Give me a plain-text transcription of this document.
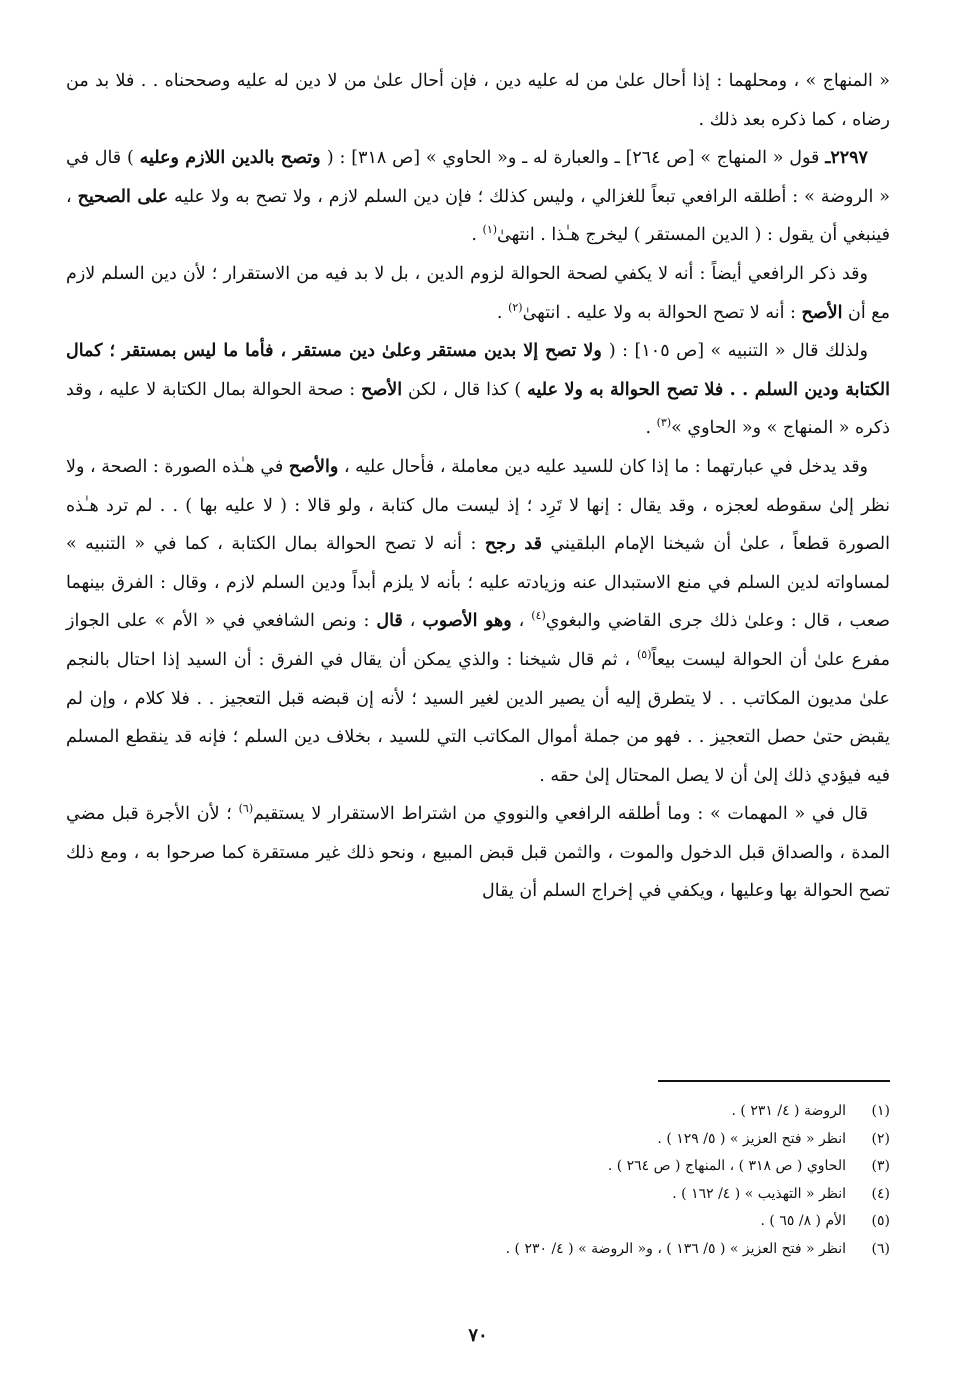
« المنهاج » ، ومحلهما : إذا أحال علىٰ من له عليه دين ، فإن أحال علىٰ من لا دين له عليه وصححناه . . فلا بد من رضاه ، كما ذكره بعد ذلك .

٢٢٩٧ـ قول « المنهاج » [ص ٢٦٤] ـ والعبارة له ـ و« الحاوي » [ص ٣١٨] : ( وتصح بالدين اللازم وعليه ) قال في « الروضة » : أطلقه الرافعي تبعاً للغزالي ، وليس كذلك ؛ فإن دين السلم لازم ، ولا تصح به ولا عليه على الصحيح ، فينبغي أن يقول : ( الدين المستقر ) ليخرج هـٰذا . انتهىٰ$^{(١)}$ .

وقد ذكر الرافعي أيضاً : أنه لا يكفي لصحة الحوالة لزوم الدين ، بل لا بد فيه من الاستقرار ؛ لأن دين السلم لازم مع أن الأصح : أنه لا تصح الحوالة به ولا عليه . انتهىٰ$^{(٢)}$ .

ولذلك قال « التنبيه » [ص ١٠٥] : ( ولا تصح إلا بدين مستقر وعلىٰ دين مستقر ، فأما ما ليس بمستقر ؛ كمال الكتابة ودين السلم . . فلا تصح الحوالة به ولا عليه ) كذا قال ، لكن الأصح : صحة الحوالة بمال الكتابة لا عليه ، وقد ذكره « المنهاج » و« الحاوي »$^{(٣)}$ .

وقد يدخل في عبارتهما : ما إذا كان للسيد عليه دين معاملة ، فأحال عليه ، والأصح في هـٰذه الصورة : الصحة ، ولا نظر إلىٰ سقوطه لعجزه ، وقد يقال : إنها لا تَرِد ؛ إذ ليست مال كتابة ، ولو قالا : ( لا عليه بها ) . . لم ترد هـٰذه الصورة قطعاً ، علىٰ أن شيخنا الإمام البلقيني قد رجح : أنه لا تصح الحوالة بمال الكتابة ، كما في « التنبيه » لمساواته لدين السلم في منع الاستبدال عنه وزيادته عليه ؛ بأنه لا يلزم أبداً ودين السلم لازم ، وقال : الفرق بينهما صعب ، قال : وعلىٰ ذلك جرى القاضي والبغوي$^{(٤)}$ ، وهو الأصوب ، قال : ونص الشافعي في « الأم » على الجواز مفرع علىٰ أن الحوالة ليست بيعاً$^{(٥)}$ ، ثم قال شيخنا : والذي يمكن أن يقال في الفرق : أن السيد إذا احتال بالنجم علىٰ مديون المكاتب . . لا يتطرق إليه أن يصير الدين لغير السيد ؛ لأنه إن قبضه قبل التعجيز . . فلا كلام ، وإن لم يقبض حتىٰ حصل التعجيز . . فهو من جملة أموال المكاتب التي للسيد ، بخلاف دين السلم ؛ فإنه قد ينقطع المسلم فيه فيؤدي ذلك إلىٰ أن لا يصل المحتال إلىٰ حقه .

قال في « المهمات » : وما أطلقه الرافعي والنووي من اشتراط الاستقرار لا يستقيم$^{(٦)}$ ؛ لأن الأجرة قبل مضي المدة ، والصداق قبل الدخول والموت ، والثمن قبل قبض المبيع ، ونحو ذلك غير مستقرة كما صرحوا به ، ومع ذلك تصح الحوالة بها وعليها ، ويكفي في إخراج السلم أن يقال

(١)
الروضة ( ٤/ ٢٣١ ) .
(٢)
انظر « فتح العزيز » ( ٥/ ١٢٩ ) .
(٣)
الحاوي ( ص ٣١٨ ) ، المنهاج ( ص ٢٦٤ ) .
(٤)
انظر « التهذيب » ( ٤/ ١٦٢ ) .
(٥)
الأم ( ٨/ ٦٥ ) .
(٦)
انظر « فتح العزيز » ( ٥/ ١٣٦ ) ، و« الروضة » ( ٤/ ٢٣٠ ) .
٧٠
